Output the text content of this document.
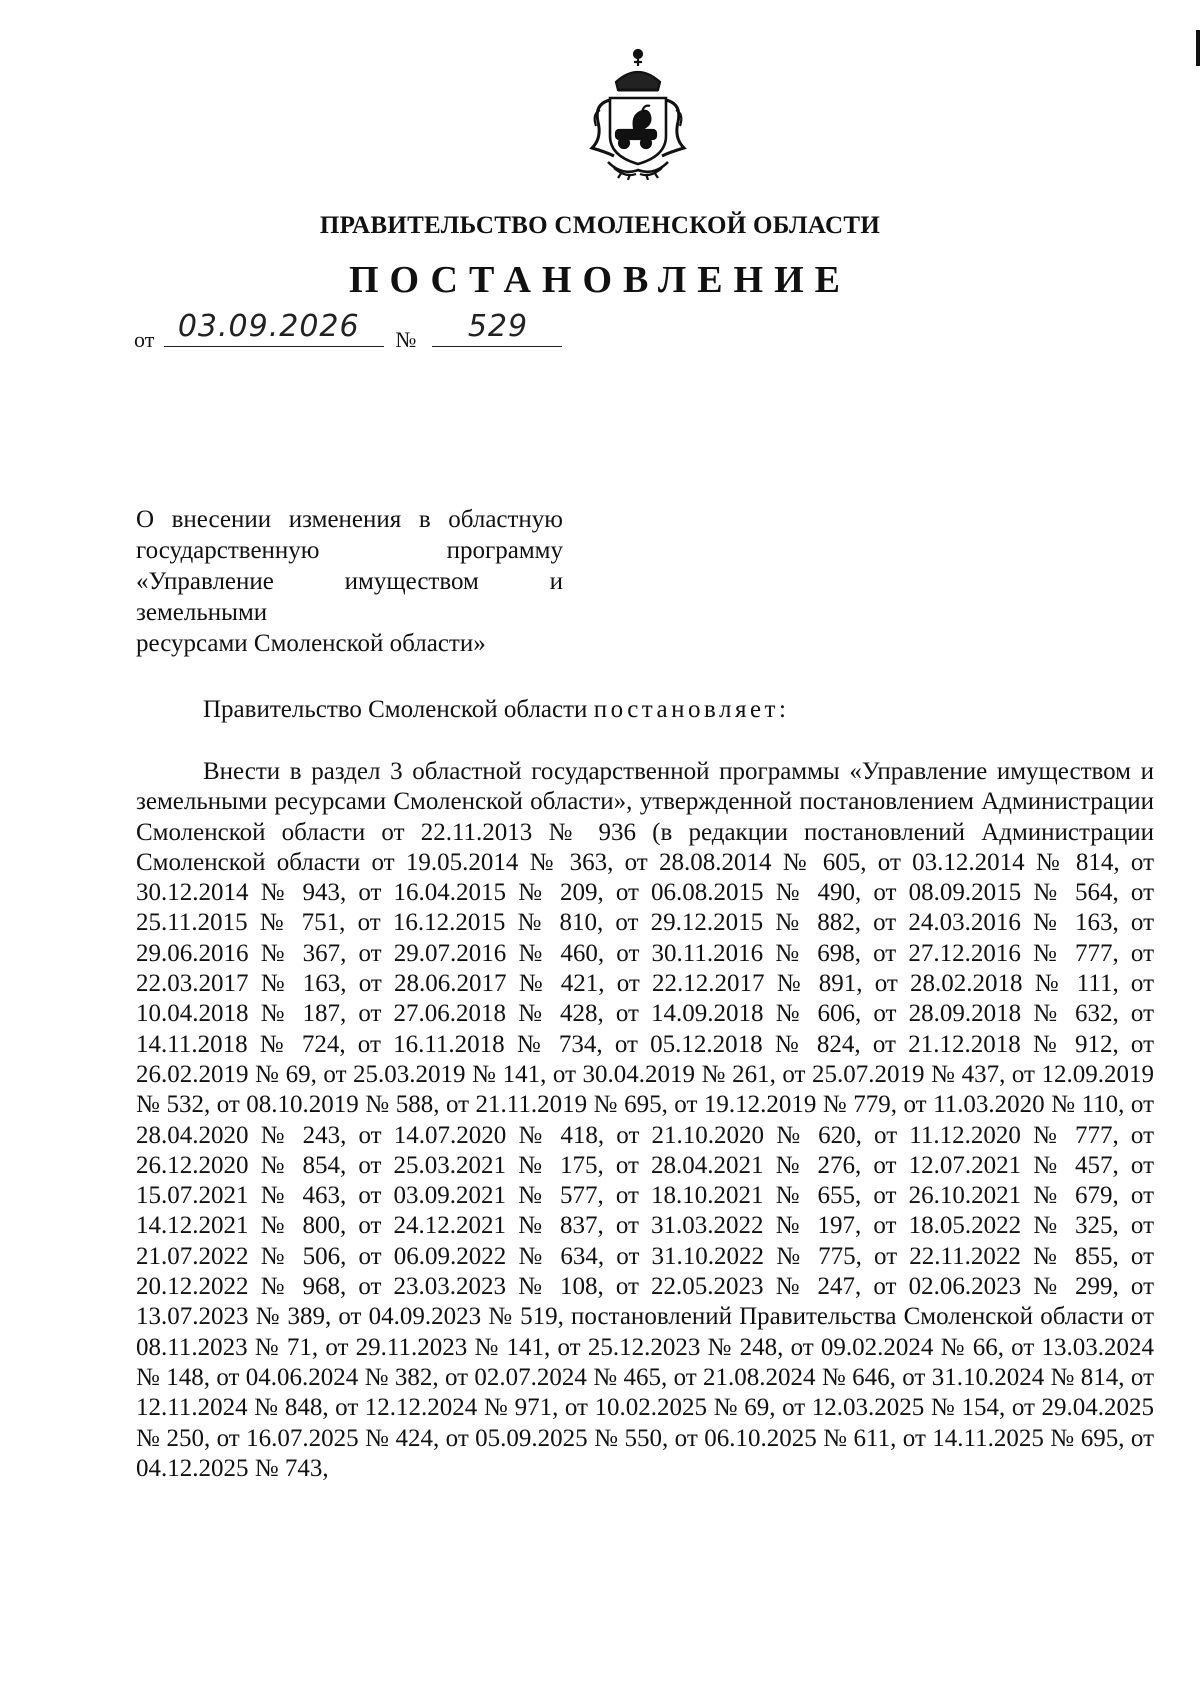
ПРАВИТЕЛЬСТВО СМОЛЕНСКОЙ ОБЛАСТИ
ПОСТАНОВЛЕНИЕ
от 03.09.2026 № 529
О внесении изменения в областную государственную программу «Управление имуществом и земельными
ресурсами Смоленской области»
Правительство Смоленской области постановляет:

Внести в раздел 3 областной государственной программы «Управление имуществом и земельными ресурсами Смоленской области», утвержденной постановлением Администрации Смоленской области от 22.11.2013 № 936 (в редакции постановлений Администрации Смоленской области от 19.05.2014 № 363, от 28.08.2014 № 605, от 03.12.2014 № 814, от 30.12.2014 № 943, от 16.04.2015 № 209, от 06.08.2015 № 490, от 08.09.2015 № 564, от 25.11.2015 № 751, от 16.12.2015 № 810, от 29.12.2015 № 882, от 24.03.2016 № 163, от 29.06.2016 № 367, от 29.07.2016 № 460, от 30.11.2016 № 698, от 27.12.2016 № 777, от 22.03.2017 № 163, от 28.06.2017 № 421, от 22.12.2017 № 891, от 28.02.2018 № 111, от 10.04.2018 № 187, от 27.06.2018 № 428, от 14.09.2018 № 606, от 28.09.2018 № 632, от 14.11.2018 № 724, от 16.11.2018 № 734, от 05.12.2018 № 824, от 21.12.2018 № 912, от 26.02.2019 № 69, от 25.03.2019 № 141, от 30.04.2019 № 261, от 25.07.2019 № 437, от 12.09.2019 № 532, от 08.10.2019 № 588, от 21.11.2019 № 695, от 19.12.2019 № 779, от 11.03.2020 № 110, от 28.04.2020 № 243, от 14.07.2020 № 418, от 21.10.2020 № 620, от 11.12.2020 № 777, от 26.12.2020 № 854, от 25.03.2021 № 175, от 28.04.2021 № 276, от 12.07.2021 № 457, от 15.07.2021 № 463, от 03.09.2021 № 577, от 18.10.2021 № 655, от 26.10.2021 № 679, от 14.12.2021 № 800, от 24.12.2021 № 837, от 31.03.2022 № 197, от 18.05.2022 № 325, от 21.07.2022 № 506, от 06.09.2022 № 634, от 31.10.2022 № 775, от 22.11.2022 № 855, от 20.12.2022 № 968, от 23.03.2023 № 108, от 22.05.2023 № 247, от 02.06.2023 № 299, от 13.07.2023 № 389, от 04.09.2023 № 519, постановлений Правительства Смоленской области от 08.11.2023 № 71, от 29.11.2023 № 141, от 25.12.2023 № 248, от 09.02.2024 № 66, от 13.03.2024 № 148, от 04.06.2024 № 382, от 02.07.2024 № 465, от 21.08.2024 № 646, от 31.10.2024 № 814, от 12.11.2024 № 848, от 12.12.2024 № 971, от 10.02.2025 № 69, от 12.03.2025 № 154, от 29.04.2025 № 250, от 16.07.2025 № 424, от 05.09.2025 № 550, от 06.10.2025 № 611, от 14.11.2025 № 695, от 04.12.2025 № 743,
